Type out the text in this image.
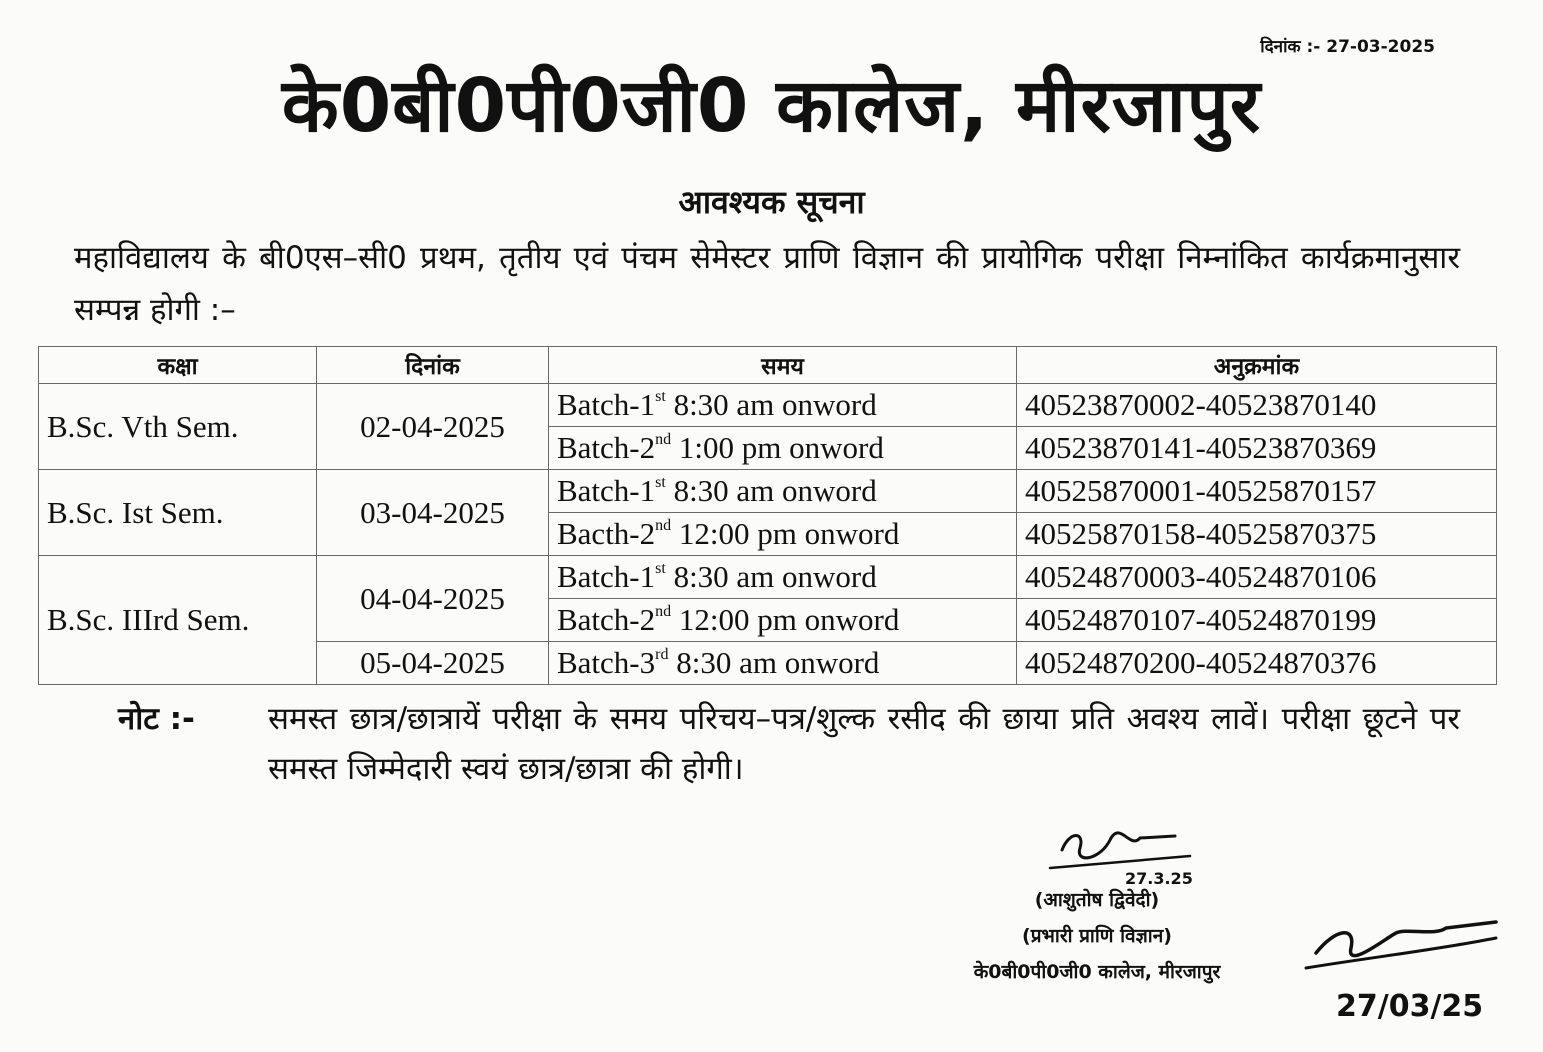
दिनांक :- 27-03-2025
के0बी0पी0जी0 कालेज, मीरजापुर
आवश्यक सूचना
महाविद्यालय के बी0एस–सी0 प्रथम, तृतीय एवं पंचम सेमेस्टर प्राणि विज्ञान की प्रायोगिक परीक्षा निम्नांकित कार्यक्रमानुसार सम्पन्न होगी :–
कक्षा	दिनांक	समय	अनुक्रमांक
B.Sc. Vth Sem.	02-04-2025	Batch-1st 8:30 am onword	40523870002-40523870140
		Batch-2nd 1:00 pm onword	40523870141-40523870369
B.Sc. Ist Sem.	03-04-2025	Batch-1st 8:30 am onword	40525870001-40525870157
		Bacth-2nd 12:00 pm onword	40525870158-40525870375
B.Sc. IIIrd Sem.	04-04-2025	Batch-1st 8:30 am onword	40524870003-40524870106
		Batch-2nd 12:00 pm onword	40524870107-40524870199
	05-04-2025	Batch-3rd 8:30 am onword	40524870200-40524870376
नोट :-	समस्त छात्र/छात्रायें परीक्षा के समय परिचय–पत्र/शुल्क रसीद की छाया प्रति अवश्य लावें। परीक्षा छूटने पर समस्त जिम्मेदारी स्वयं छात्र/छात्रा की होगी।
27.3.25
(आशुतोष द्विवेदी)
(प्रभारी प्राणि विज्ञान)
के0बी0पी0जी0 कालेज, मीरजापुर
27/03/25
